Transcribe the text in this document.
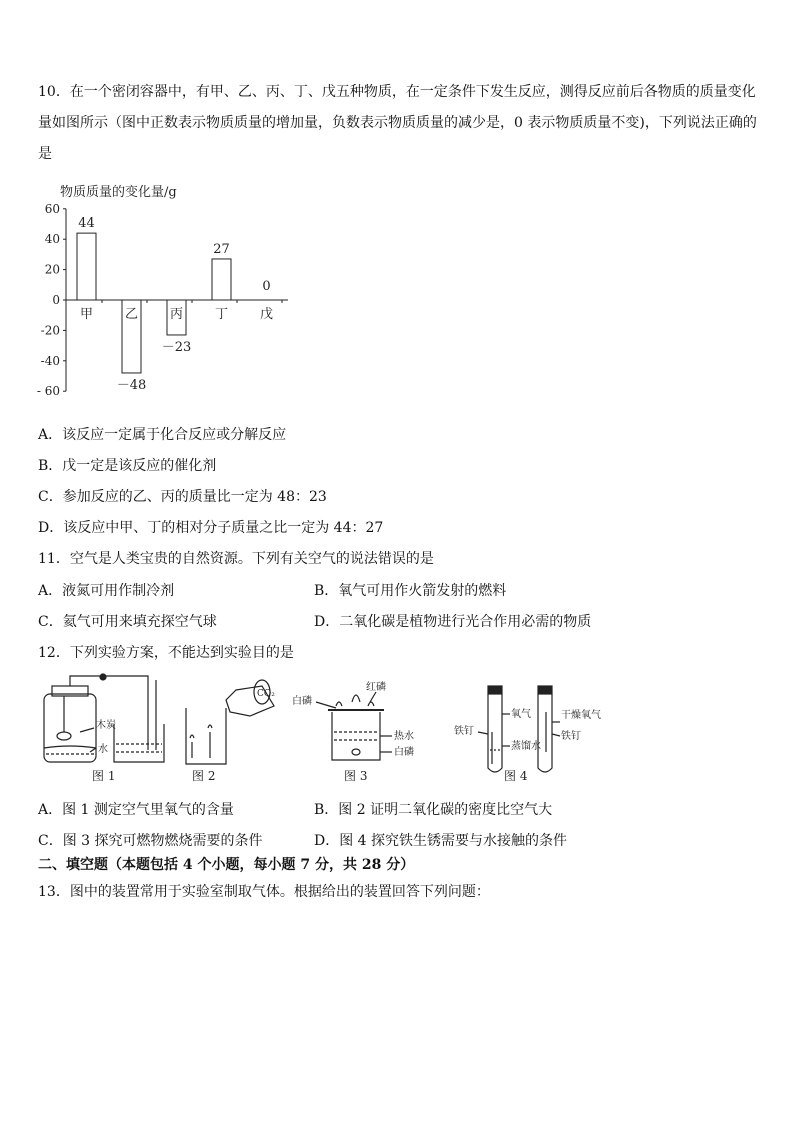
10．在一个密闭容器中，有甲、乙、丙、丁、戊五种物质，在一定条件下发生反应，测得反应前后各物质的质量变化
量如图所示（图中正数表示物质质量的增加量，负数表示物质质量的减少是，0 表示物质质量不变)，下列说法正确的
是
物质质量的变化量/g
60
40
20
0
-20
-40
- 60
甲
44
乙
－48
丙
－23
丁
27
戊
0
A．该反应一定属于化合反应或分解反应
B．戊一定是该反应的催化剂
C．参加反应的乙、丙的质量比一定为 48：23
D．该反应中甲、丁的相对分子质量之比一定为 44：27
11．空气是人类宝贵的自然资源。下列有关空气的说法错误的是
A．液氮可用作制冷剂	B．氧气可用作火箭发射的燃料
C．氦气可用来填充探空气球	D．二氧化碳是植物进行光合作用必需的物质
12．下列实验方案，不能达到实验目的是
木炭
水
CO₂
白磷
红磷
热水
白磷
氧气
蒸馏水
铁钉
干燥氧气
铁钉
图 1	图 2	图 3	图 4
A．图 1 测定空气里氧气的含量	B．图 2 证明二氧化碳的密度比空气大
C．图 3 探究可燃物燃烧需要的条件	D．图 4 探究铁生锈需要与水接触的条件
二、填空题（本题包括 4 个小题，每小题 7 分，共 28 分）
13．图中的装置常用于实验室制取气体。根据给出的装置回答下列问题：
